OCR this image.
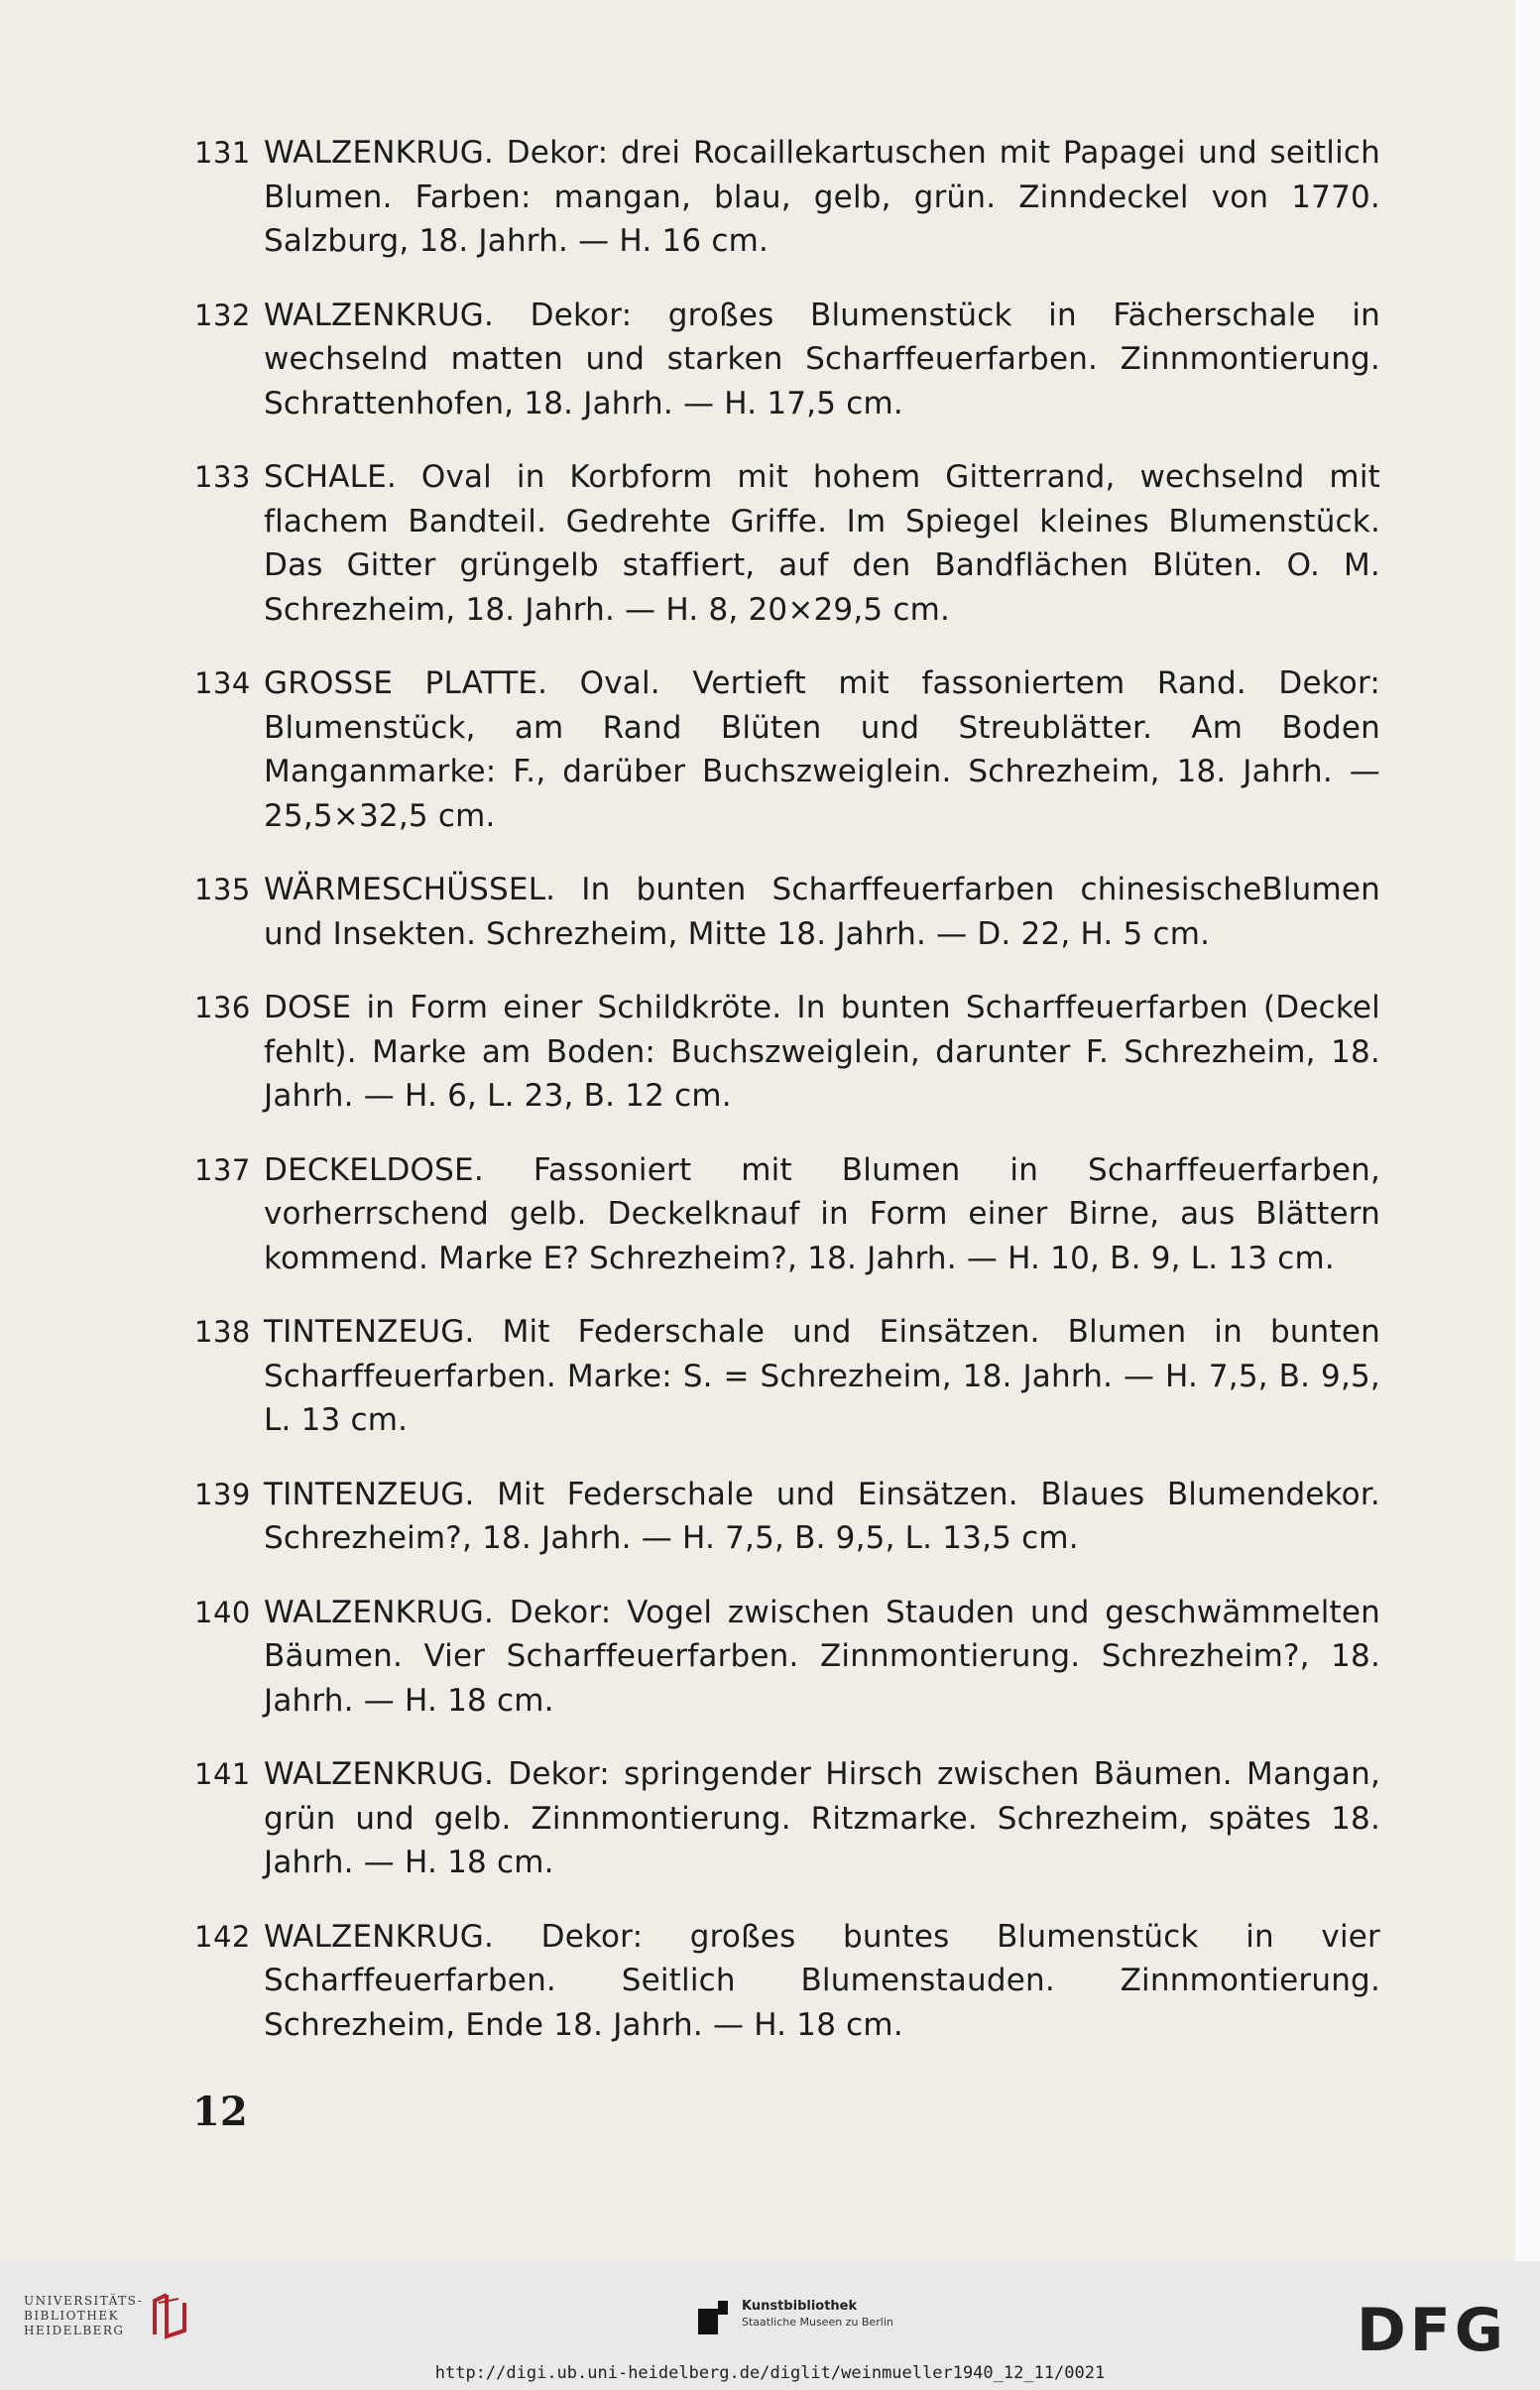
131 WALZENKRUG. Dekor: drei Rocaillekartuschen mit Papagei und seitlich Blumen. Farben: mangan, blau, gelb, grün. Zinndeckel von 1770. Salzburg, 18. Jahrh. — H. 16 cm.
132 WALZENKRUG. Dekor: großes Blumenstück in Fächerschale in wechselnd matten und starken Scharffeuerfarben. Zinnmontierung. Schrattenhofen, 18. Jahrh. — H. 17,5 cm.
133 SCHALE. Oval in Korbform mit hohem Gitterrand, wechselnd mit flachem Bandteil. Gedrehte Griffe. Im Spiegel kleines Blumenstück. Das Gitter grüngelb staffiert, auf den Bandflächen Blüten. O. M. Schrezheim, 18. Jahrh. — H. 8, 20×29,5 cm.
134 GROSSE PLATTE. Oval. Vertieft mit fassoniertem Rand. Dekor: Blumenstück, am Rand Blüten und Streublätter. Am Boden Manganmarke: F., darüber Buchszweiglein. Schrezheim, 18. Jahrh. — 25,5×32,5 cm.
135 WÄRMESCHÜSSEL. In bunten Scharffeuerfarben chinesischeBlumen und Insekten. Schrezheim, Mitte 18. Jahrh. — D. 22, H. 5 cm.
136 DOSE in Form einer Schildkröte. In bunten Scharffeuerfarben (Deckel fehlt). Marke am Boden: Buchszweiglein, darunter F. Schrezheim, 18. Jahrh. — H. 6, L. 23, B. 12 cm.
137 DECKELDOSE. Fassoniert mit Blumen in Scharffeuerfarben, vorherrschend gelb. Deckelknauf in Form einer Birne, aus Blättern kommend. Marke E? Schrezheim?, 18. Jahrh. — H. 10, B. 9, L. 13 cm.
138 TINTENZEUG. Mit Federschale und Einsätzen. Blumen in bunten Scharffeuerfarben. Marke: S. = Schrezheim, 18. Jahrh. — H. 7,5, B. 9,5, L. 13 cm.
139 TINTENZEUG. Mit Federschale und Einsätzen. Blaues Blumendekor. Schrezheim?, 18. Jahrh. — H. 7,5, B. 9,5, L. 13,5 cm.
140 WALZENKRUG. Dekor: Vogel zwischen Stauden und geschwämmelten Bäumen. Vier Scharffeuerfarben. Zinnmontierung. Schrezheim?, 18. Jahrh. — H. 18 cm.
141 WALZENKRUG. Dekor: springender Hirsch zwischen Bäumen. Mangan, grün und gelb. Zinnmontierung. Ritzmarke. Schrezheim, spätes 18. Jahrh. — H. 18 cm.
142 WALZENKRUG. Dekor: großes buntes Blumenstück in vier Scharffeuerfarben. Seitlich Blumenstauden. Zinnmontierung. Schrezheim, Ende 18. Jahrh. — H. 18 cm.
12
UNIVERSITÄTS-
BIBLIOTHEK
HEIDELBERG
Kunstbibliothek
Staatliche Museen zu Berlin	DFG
http://digi.ub.uni-heidelberg.de/diglit/weinmueller1940_12_11/0021
